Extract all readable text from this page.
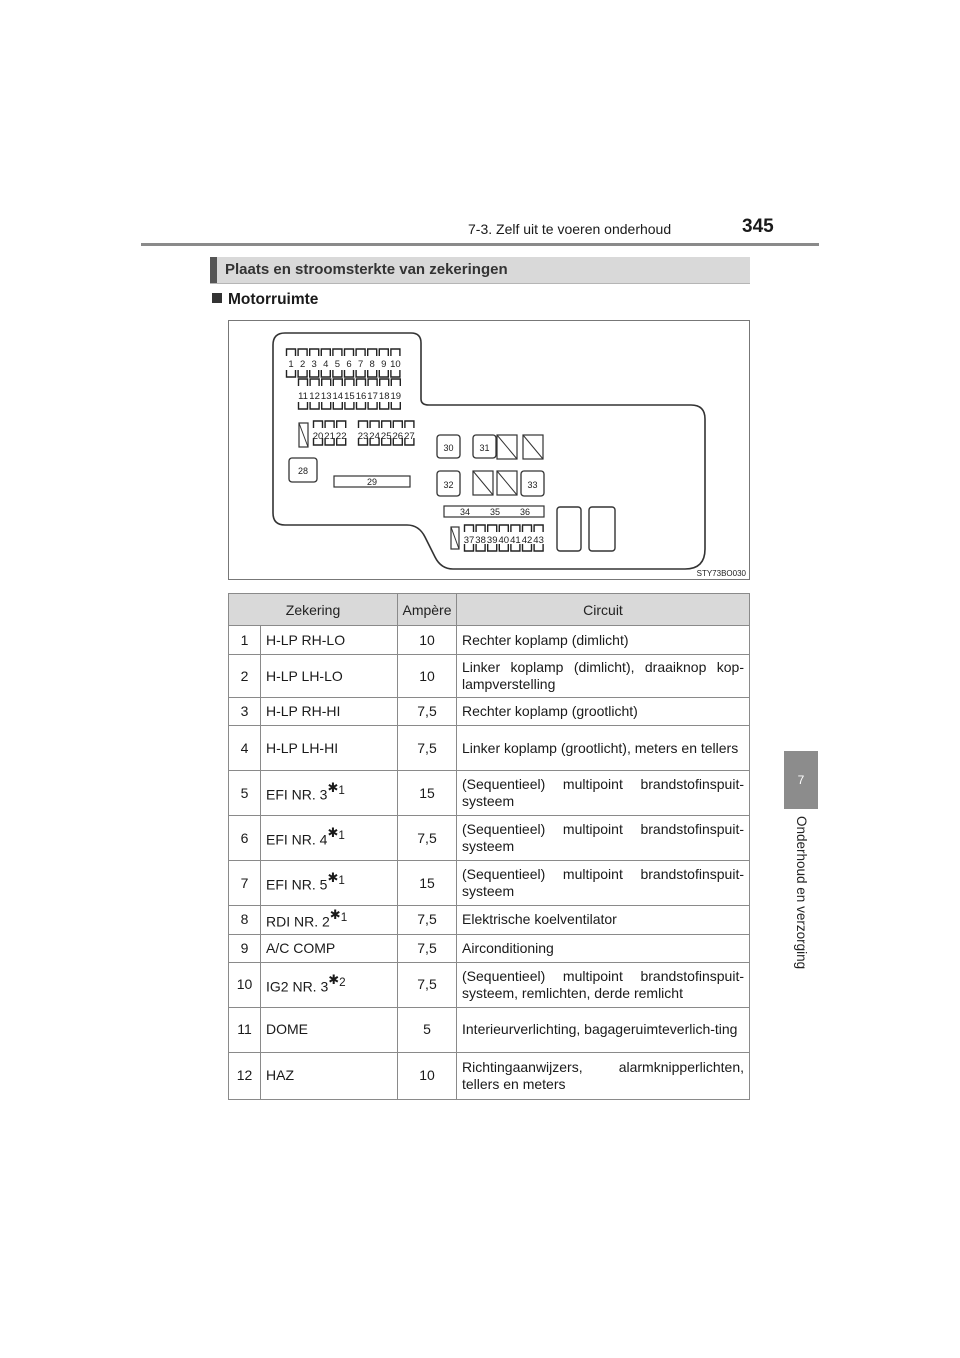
7-3. Zelf uit te voeren onderhoud	345
7
Onderhoud en verzorging
Plaats en stroomsterkte van zekeringen
Motorruimte
1 2 3 4 5 6 7 8 9 10
11 12 13 14 15 16 17 18 19
20 21 22 23 24 25 26 27
37 38 39 40 41 42 43
28
29
30	31
32	33
34 35 36
STY73BO030
Zekering		Ampère	Circuit
1	H-LP RH-LO	10	Rechter koplamp (dimlicht)
2	H-LP LH-LO	10	Linker koplamp (dimlicht), draaiknop kop-lampverstelling
3	H-LP RH-HI	7,5	Rechter koplamp (grootlicht)
4	H-LP LH-HI	7,5	Linker koplamp (grootlicht), meters en tellers
5	EFI NR. 3✱$^1$	15	(Sequentieel) multipoint brandstofinspuit-systeem
6	EFI NR. 4✱$^1$	7,5	(Sequentieel) multipoint brandstofinspuit-systeem
7	EFI NR. 5✱$^1$	15	(Sequentieel) multipoint brandstofinspuit-systeem
8	RDI NR. 2✱$^1$	7,5	Elektrische koelventilator
9	A/C COMP	7,5	Airconditioning
10	IG2 NR. 3✱$^2$	7,5	(Sequentieel) multipoint brandstofinspuit-systeem, remlichten, derde remlicht
11	DOME	5	Interieurverlichting, bagageruimteverlich-ting
12	HAZ	10	Richtingaanwijzers, alarmknipperlichten, tellers en meters
